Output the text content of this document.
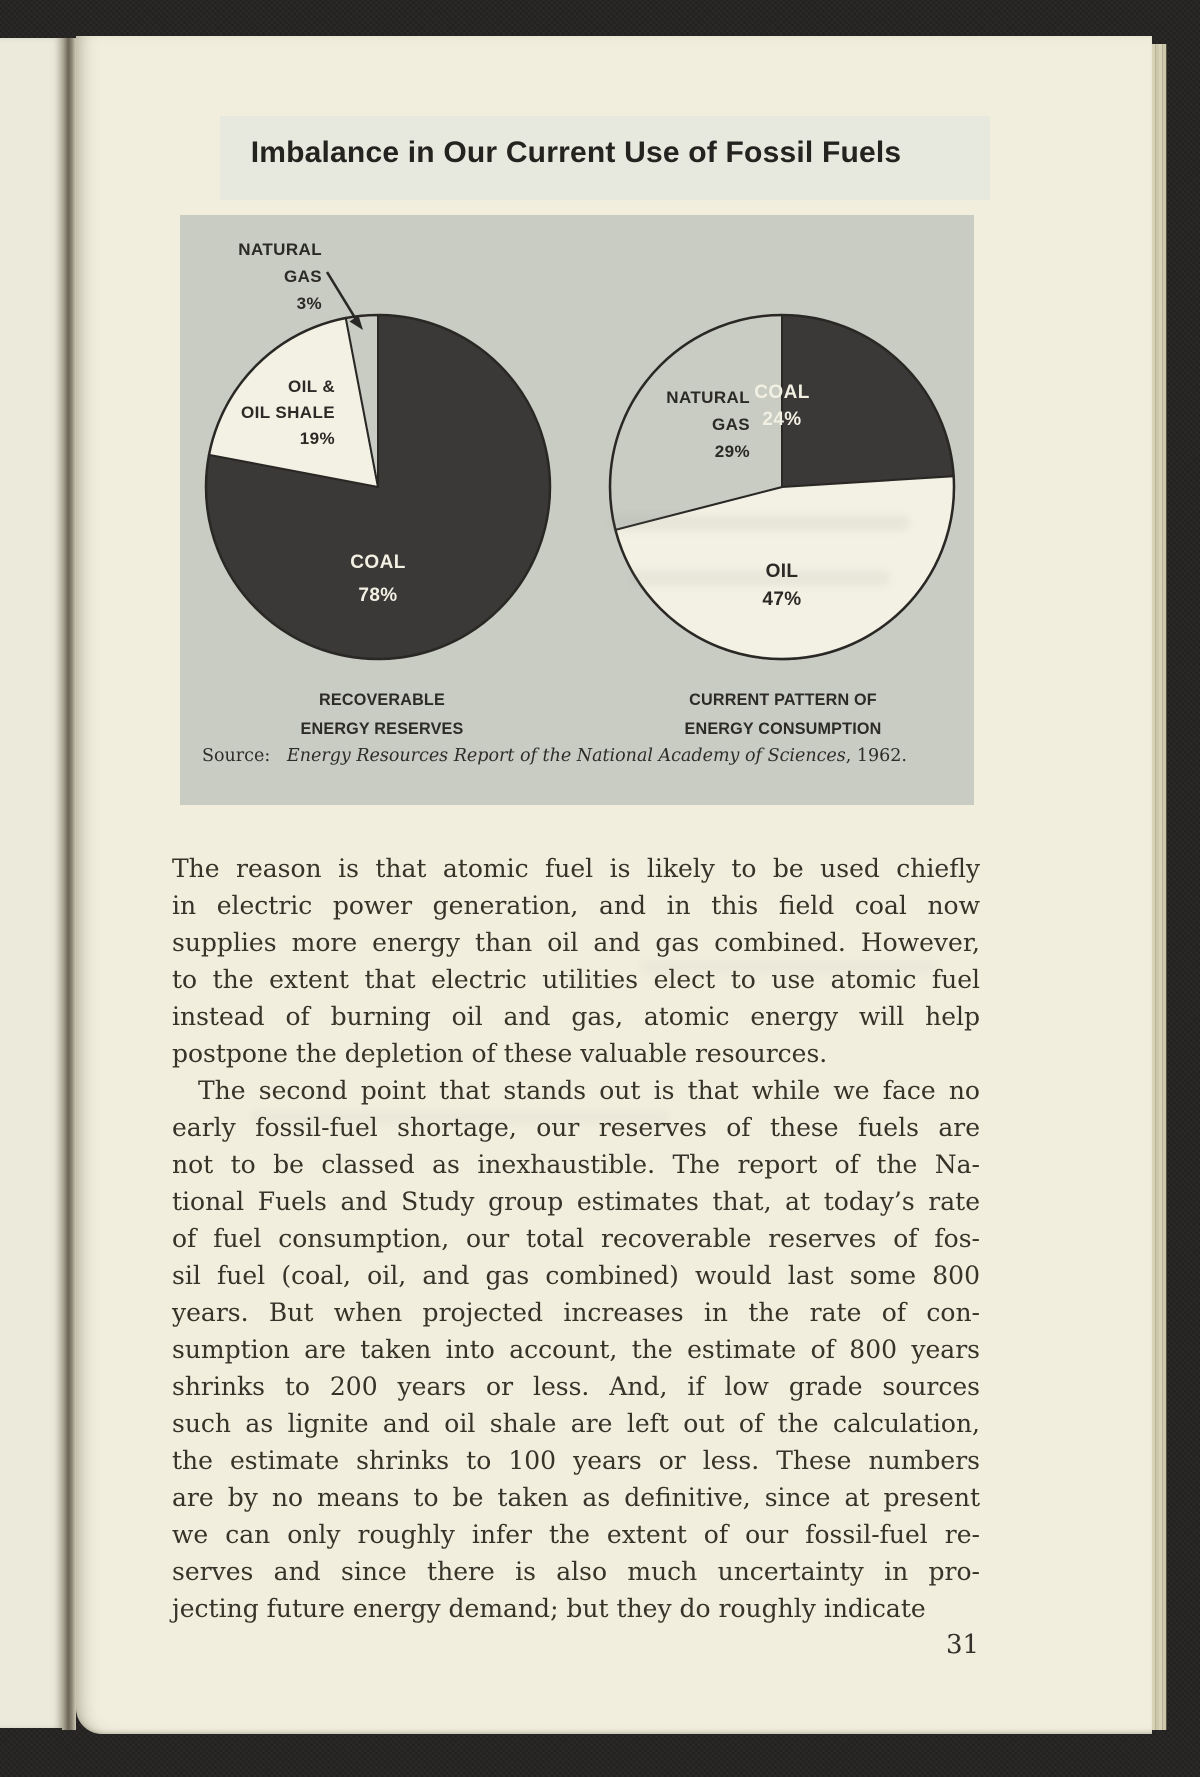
Imbalance in Our Current Use of Fossil Fuels
NATURAL
GAS
3%
OIL &
OIL SHALE
19%
COAL
78%
NATURAL
GAS
29%
COAL
24%
OIL
47%
RECOVERABLE
ENERGY RESERVES
CURRENT PATTERN OF
ENERGY CONSUMPTION
Source: Energy Resources Report of the National Academy of Sciences, 1962.
The reason is that atomic fuel is likely to be used chiefly
in electric power generation, and in this field coal now
supplies more energy than oil and gas combined. However,
to the extent that electric utilities elect to use atomic fuel
instead of burning oil and gas, atomic energy will help
postpone the depletion of these valuable resources.
The second point that stands out is that while we face no
early fossil-fuel shortage, our reserves of these fuels are
not to be classed as inexhaustible. The report of the Na-
tional Fuels and Study group estimates that, at today’s rate
of fuel consumption, our total recoverable reserves of fos-
sil fuel (coal, oil, and gas combined) would last some 800
years. But when projected increases in the rate of con-
sumption are taken into account, the estimate of 800 years
shrinks to 200 years or less. And, if low grade sources
such as lignite and oil shale are left out of the calculation,
the estimate shrinks to 100 years or less. These numbers
are by no means to be taken as definitive, since at present
we can only roughly infer the extent of our fossil-fuel re-
serves and since there is also much uncertainty in pro-
jecting future energy demand; but they do roughly indicate
31
